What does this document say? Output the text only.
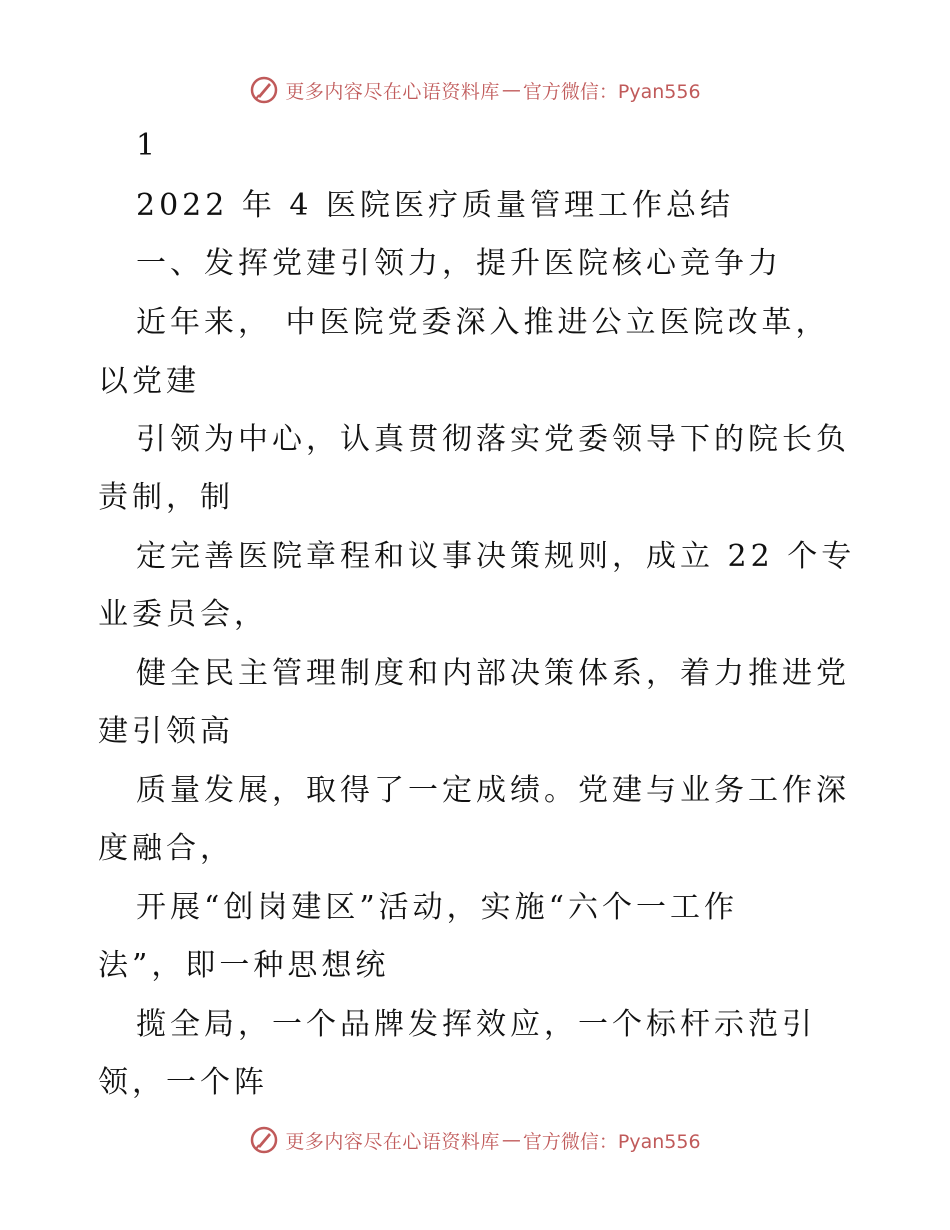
更多内容尽在心语资料库 — 官方微信：Pyan556
1
2022 年 4 医院医疗质量管理工作总结
一、发挥党建引领力，提升医院核心竞争力
近年来， 中医院党委深入推进公立医院改革，
以党建
引领为中心，认真贯彻落实党委领导下的院长负
责制，制
定完善医院章程和议事决策规则，成立 22 个专
业委员会，
健全民主管理制度和内部决策体系，着力推进党
建引领高
质量发展，取得了一定成绩。党建与业务工作深
度融合，
开展“创岗建区”活动，实施“六个一工作
法”，即一种思想统
揽全局，一个品牌发挥效应，一个标杆示范引
领，一个阵
更多内容尽在心语资料库 — 官方微信：Pyan556
